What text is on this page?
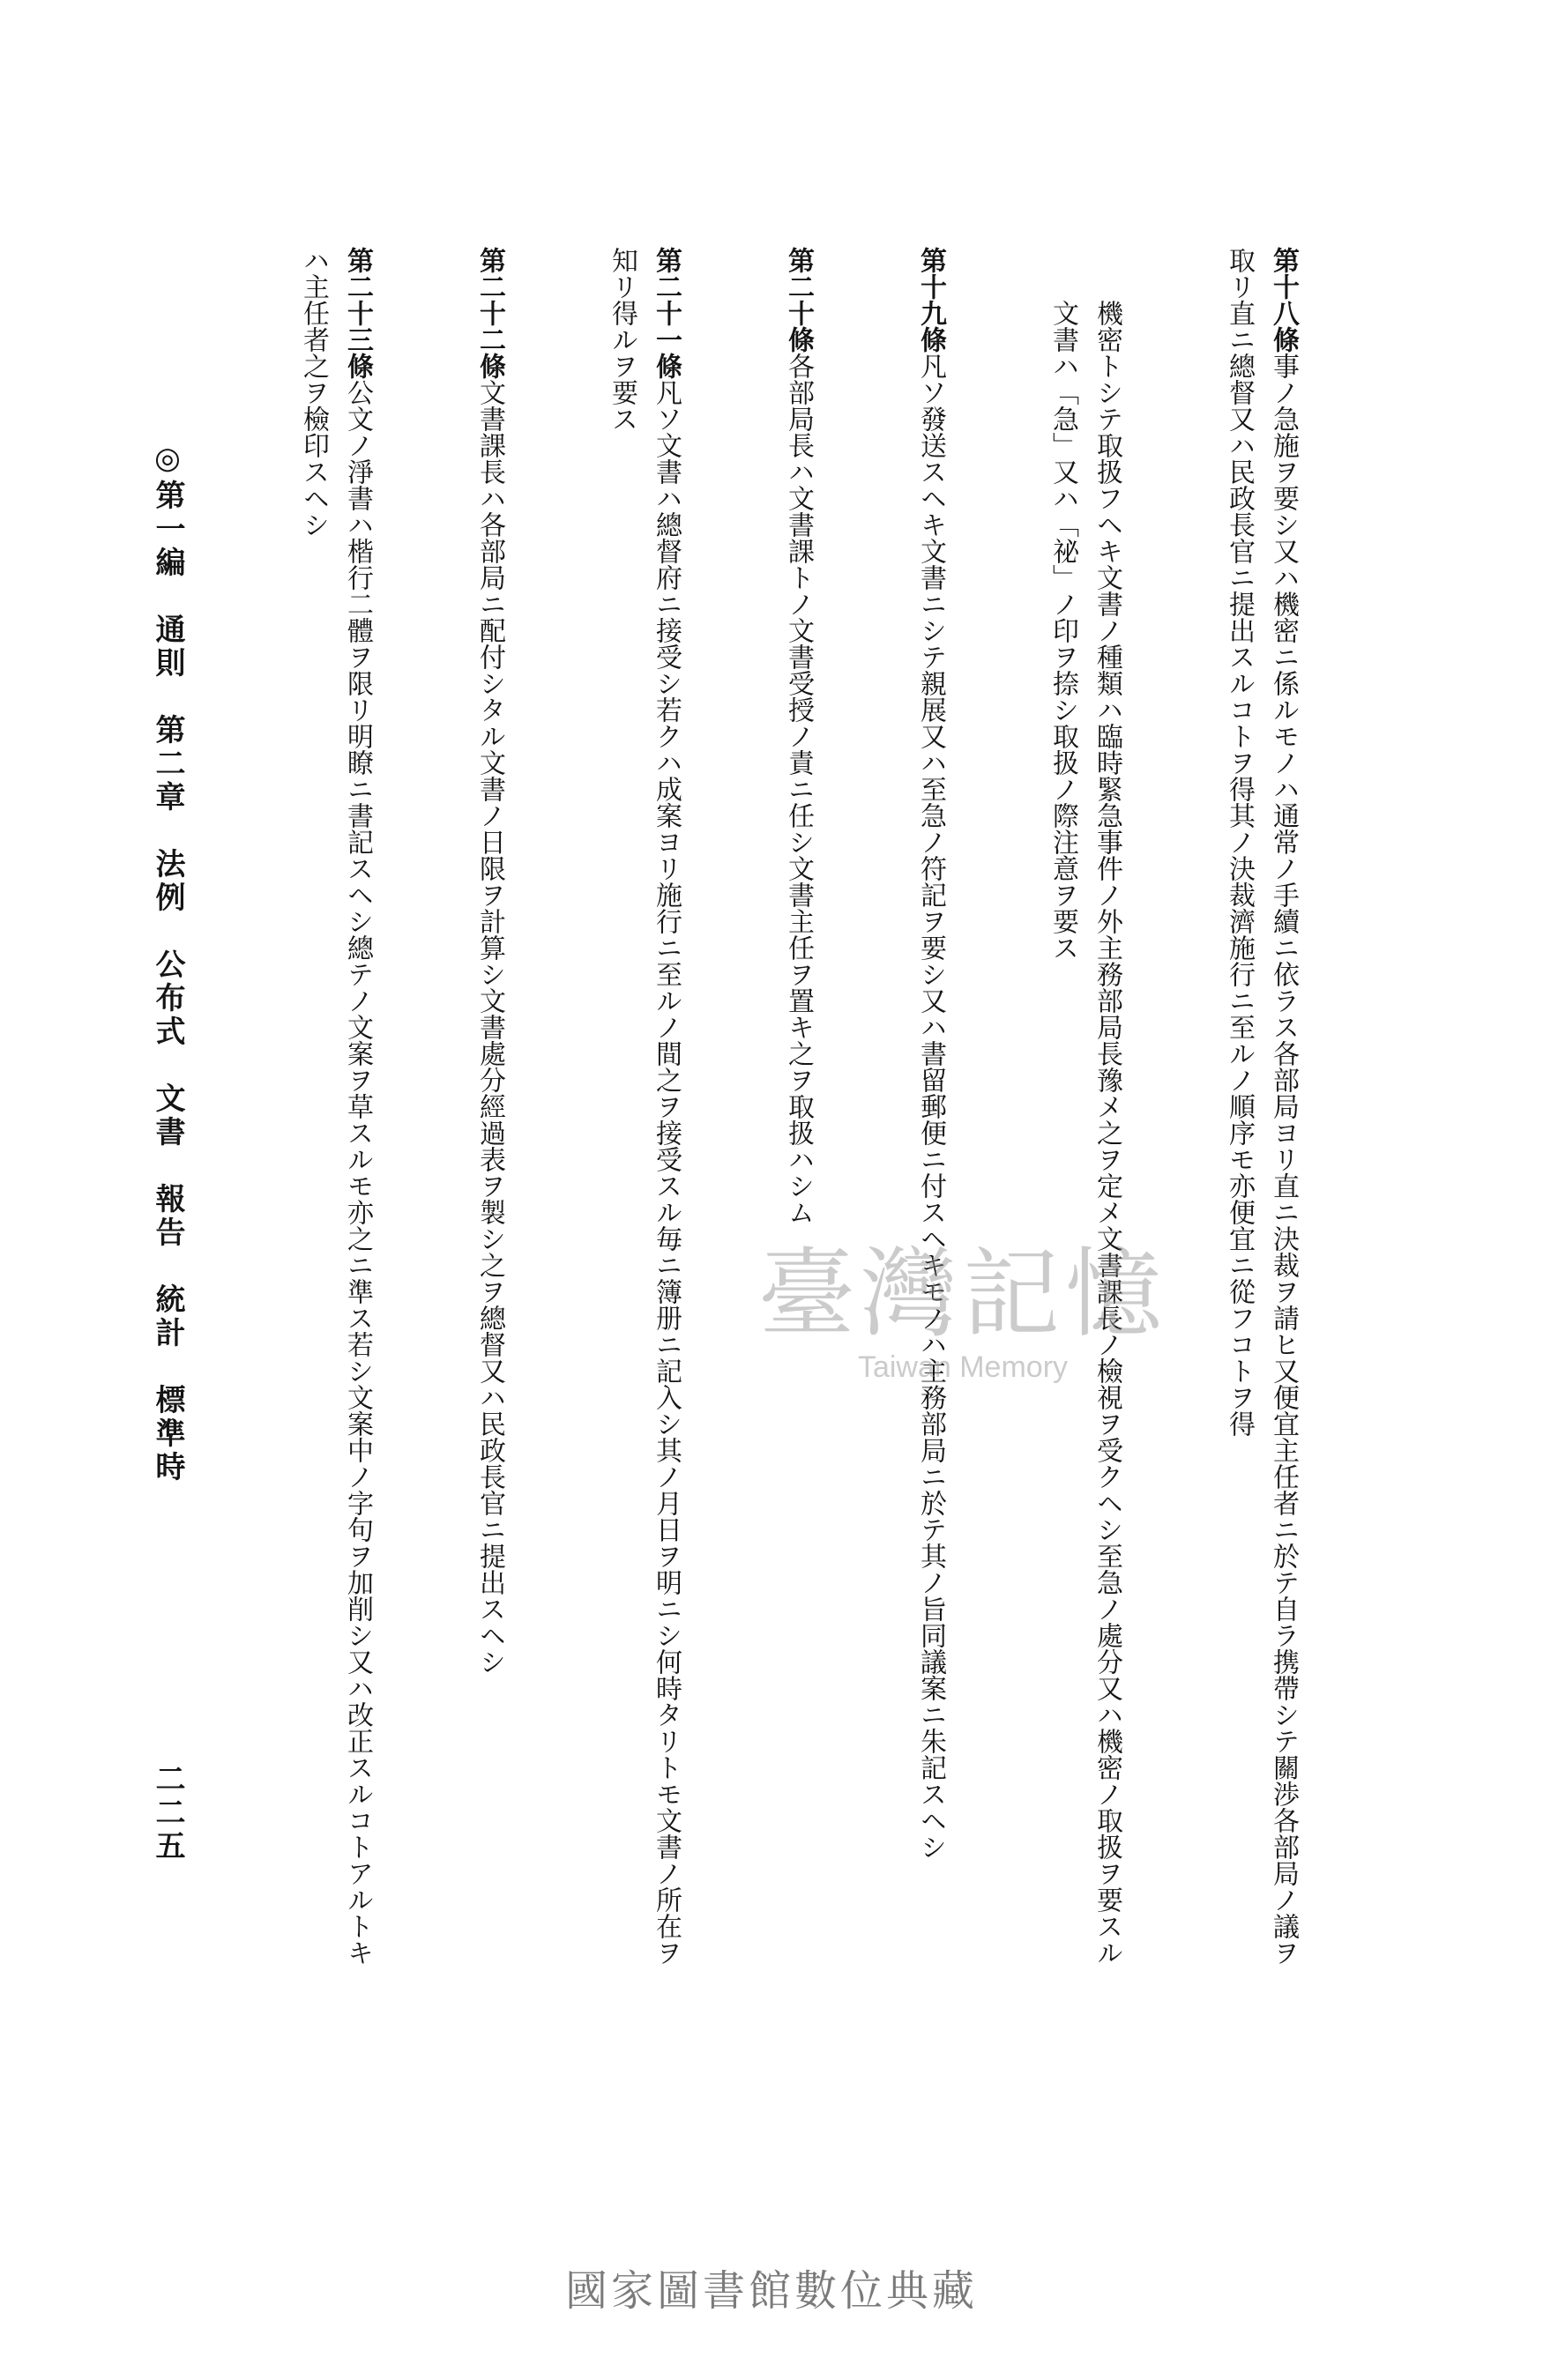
◎第一編　通則　第二章　法例　公布式　文書　報告　統計　標準時
二二五

第十八條事ノ急施ヲ要シ又ハ機密ニ係ルモノハ通常ノ手續ニ依ラス各部局ヨリ直ニ決裁ヲ請ヒ又便宜主任者ニ於テ自ラ携帶シテ關渉各部局ノ議ヲ取リ直ニ總督又ハ民政長官ニ提出スルコトヲ得其ノ決裁濟施行ニ至ルノ順序モ亦便宜ニ從フコトヲ得

機密トシテ取扱フヘキ文書ノ種類ハ臨時緊急事件ノ外主務部局長豫メ之ヲ定メ文書課長ノ檢視ヲ受クヘシ至急ノ處分又ハ機密ノ取扱ヲ要スル文書ハ「急」又ハ「祕」ノ印ヲ捺シ取扱ノ際注意ヲ要ス

第十九條凡ソ發送スヘキ文書ニシテ親展又ハ至急ノ符記ヲ要シ又ハ書留郵便ニ付スヘキモノハ主務部局ニ於テ其ノ旨同議案ニ朱記スヘシ

第二十條各部局長ハ文書課トノ文書受授ノ責ニ任シ文書主任ヲ置キ之ヲ取扱ハシム

第二十一條凡ソ文書ハ總督府ニ接受シ若クハ成案ヨリ施行ニ至ルノ間之ヲ接受スル毎ニ簿册ニ記入シ其ノ月日ヲ明ニシ何時タリトモ文書ノ所在ヲ知リ得ルヲ要ス

第二十二條文書課長ハ各部局ニ配付シタル文書ノ日限ヲ計算シ文書處分經過表ヲ製シ之ヲ總督又ハ民政長官ニ提出スヘシ

第二十三條公文ノ淨書ハ楷行二體ヲ限リ明瞭ニ書記スヘシ總テノ文案ヲ草スルモ亦之ニ準ス若シ文案中ノ字句ヲ加削シ又ハ改正スルコトアルトキハ主任者之ヲ檢印スヘシ

臺灣記憶
Taiwan Memory
國家圖書館數位典藏
